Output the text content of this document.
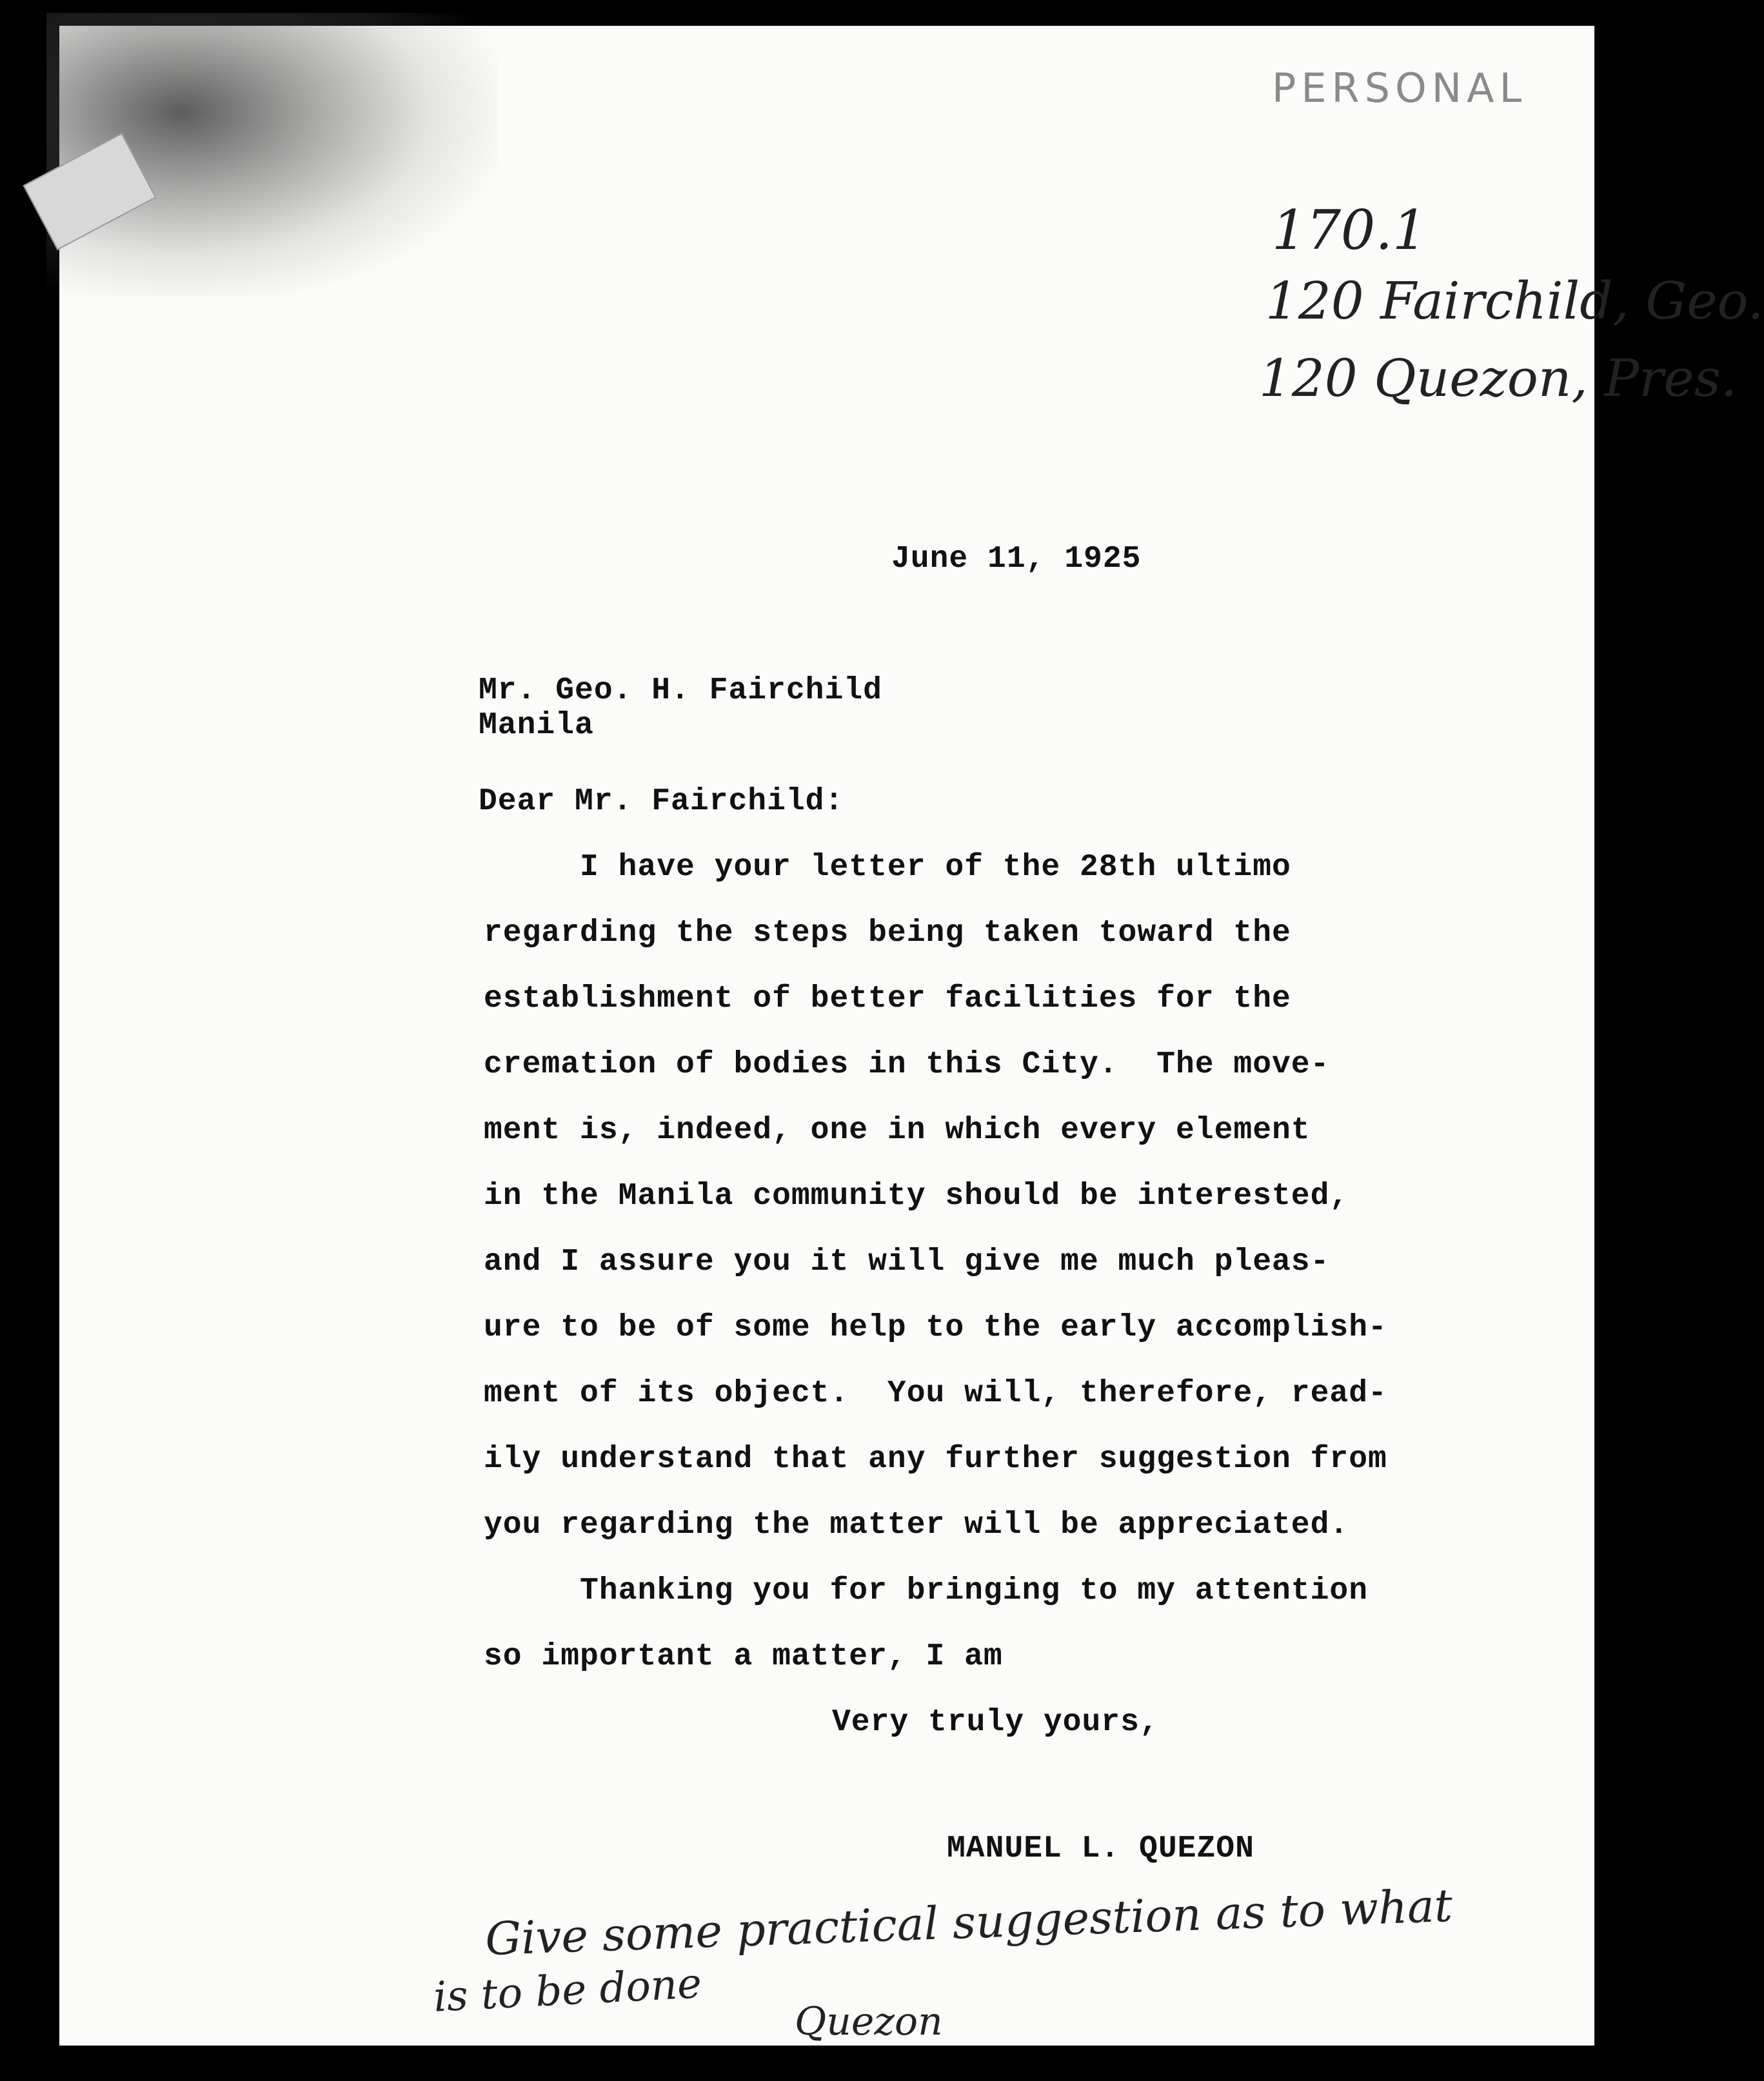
PERSONAL
170.1
120 Fairchild, Geo.
120 Quezon, Pres.
June 11, 1925
Mr. Geo. H. Fairchild
Manila
Dear Mr. Fairchild:
I have your letter of the 28th ultimo
regarding the steps being taken toward the
establishment of better facilities for the
cremation of bodies in this City.  The move-
ment is, indeed, one in which every element
in the Manila community should be interested,
and I assure you it will give me much pleas-
ure to be of some help to the early accomplish-
ment of its object.  You will, therefore, read-
ily understand that any further suggestion from
you regarding the matter will be appreciated.
Thanking you for bringing to my attention
so important a matter, I am
Very truly yours,
MANUEL L. QUEZON
Give some practical suggestion as to what
is to be done
Quezon
